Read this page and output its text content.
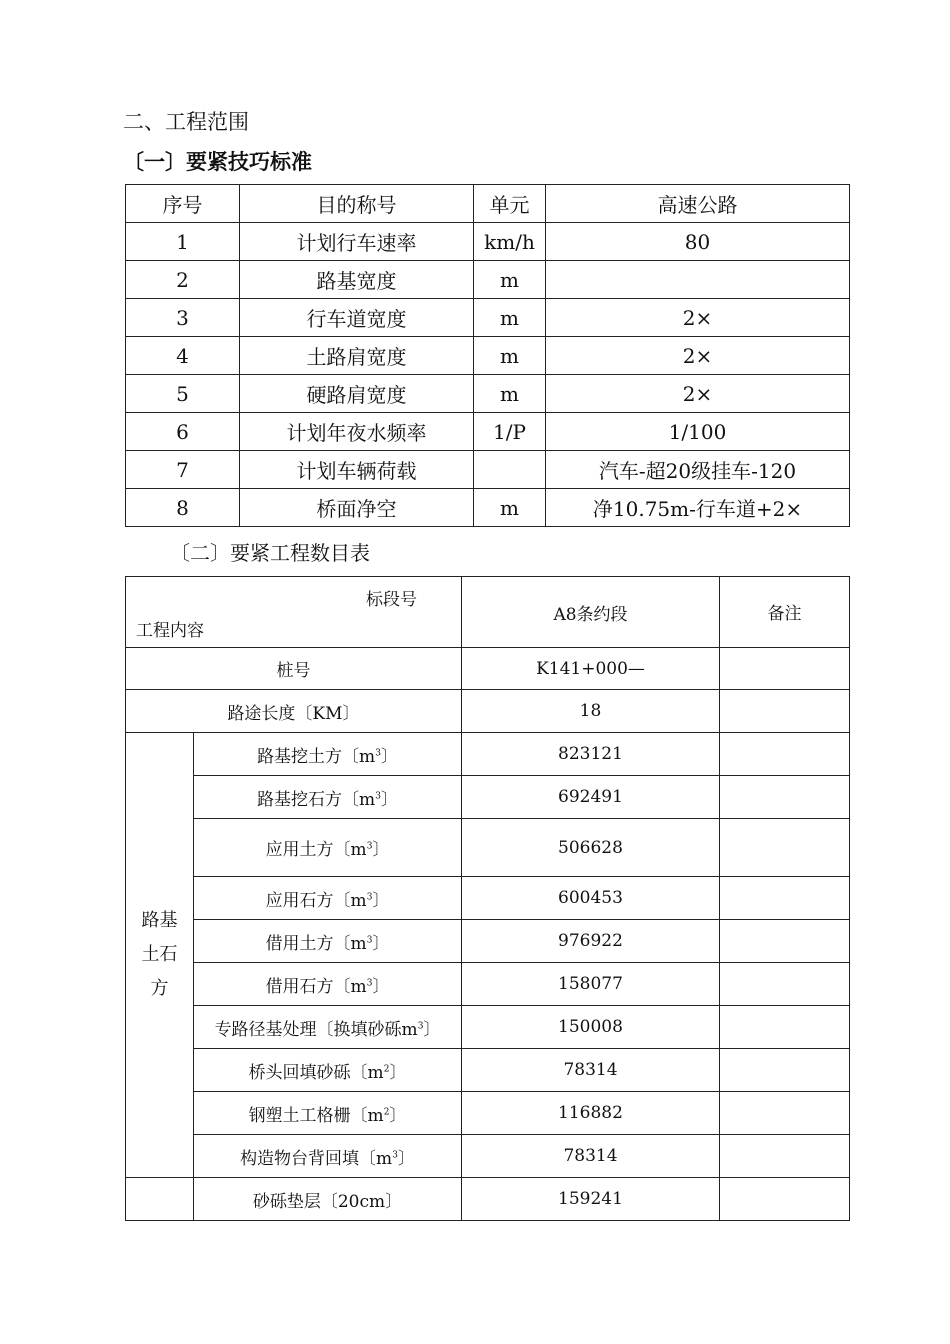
二、工程范围
〔一〕要紧技巧标准
序号	目的称号	单元	高速公路
1	计划行车速率	km/h	80
2	路基宽度	m	
3	行车道宽度	m	2×
4	土路肩宽度	m	2×
5	硬路肩宽度	m	2×
6	计划年夜水频率	1/P	1/100
7	计划车辆荷载		汽车-超20级挂车-120
8	桥面净空	m	净10.75m-行车道+2×
〔二〕要紧工程数目表
标段号
工程内容		A8条约段	备注
桩号		K141+000—	
路途长度〔KM〕		18	

路基土石方	路基挖土方〔$m^3$〕	823121	
	路基挖石方〔$m^3$〕	692491	
	应用土方〔$m^3$〕	506628	
	应用石方〔$m^3$〕	600453	
	借用土方〔$m^3$〕	976922	
	借用石方〔$m^3$〕	158077	
	专路径基处理〔换填砂砾$m^3$〕	150008	
	桥头回填砂砾〔$m^2$〕	78314	
	钢塑土工格栅〔$m^2$〕	116882	
	构造物台背回填〔$m^3$〕	78314	
	砂砾垫层〔20cm〕	159241	
